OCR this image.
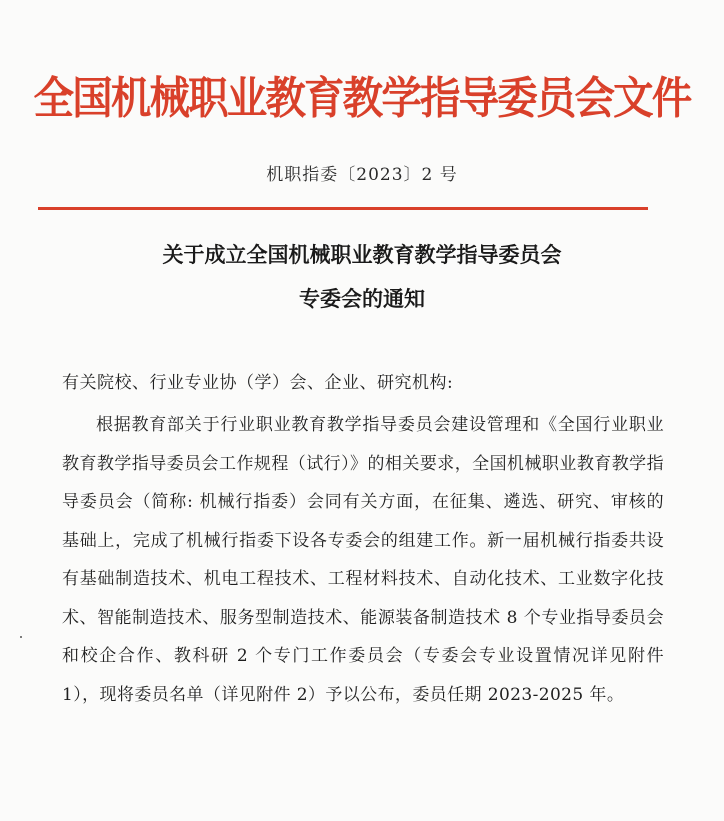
全国机械职业教育教学指导委员会文件
机职指委〔2023〕2 号
关于成立全国机械职业教育教学指导委员会
专委会的通知
有关院校、行业专业协（学）会、企业、研究机构:
根据教育部关于行业职业教育教学指导委员会建设管理和《全国行业职业教育教学指导委员会工作规程（试行）》的相关要求，全国机械职业教育教学指导委员会（简称: 机械行指委）会同有关方面，在征集、遴选、研究、审核的基础上，完成了机械行指委下设各专委会的组建工作。新一届机械行指委共设有基础制造技术、机电工程技术、工程材料技术、自动化技术、工业数字化技术、智能制造技术、服务型制造技术、能源装备制造技术 8 个专业指导委员会和校企合作、教科研 2 个专门工作委员会（专委会专业设置情况详见附件 1），现将委员名单（详见附件 2）予以公布，委员任期 2023-2025 年。
